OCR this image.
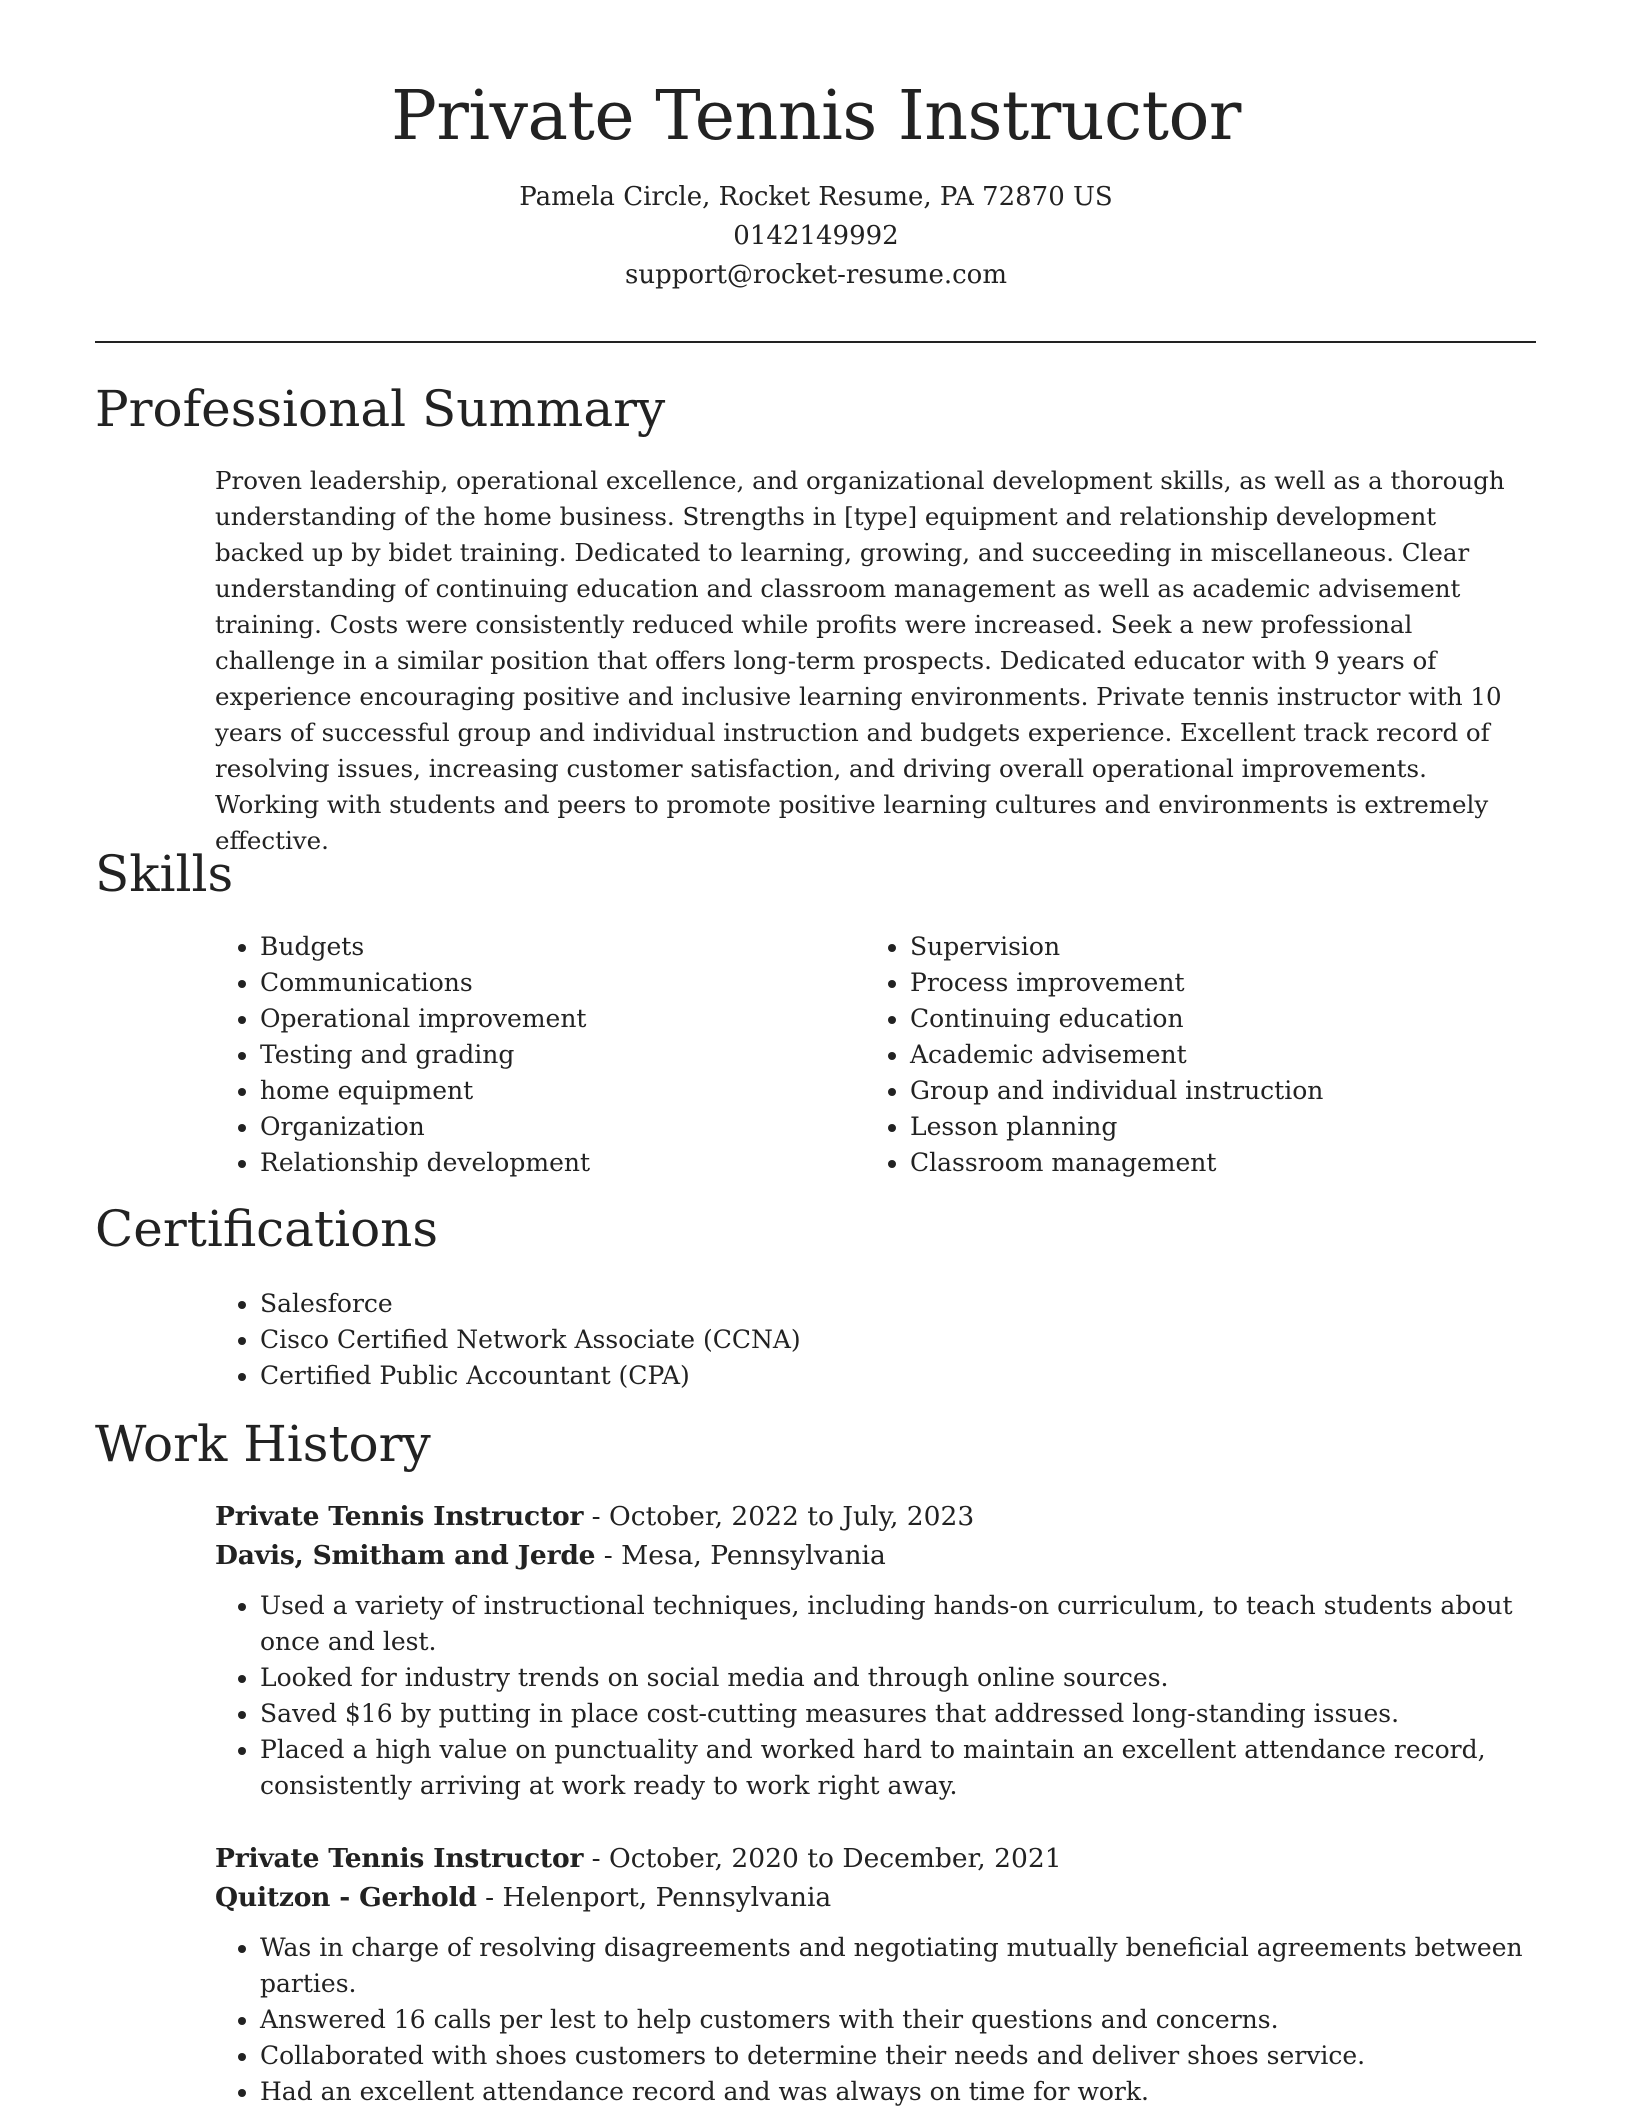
Private Tennis Instructor

Pamela Circle, Rocket Resume, PA 72870 US

0142149992

support@rocket-resume.com

Professional Summary

Proven leadership, operational excellence, and organizational development skills, as well as a thorough understanding of the home business. Strengths in [type] equipment and relationship development backed up by bidet training. Dedicated to learning, growing, and succeeding in miscellaneous. Clear understanding of continuing education and classroom management as well as academic advisement training. Costs were consistently reduced while profits were increased. Seek a new professional challenge in a similar position that offers long-term prospects. Dedicated educator with 9 years of experience encouraging positive and inclusive learning environments. Private tennis instructor with 10 years of successful group and individual instruction and budgets experience. Excellent track record of resolving issues, increasing customer satisfaction, and driving overall operational improvements. Working with students and peers to promote positive learning cultures and environments is extremely effective.

Skills
• Budgets
• Communications
• Operational improvement
• Testing and grading
• home equipment
• Organization
• Relationship development
• Supervision
• Process improvement
• Continuing education
• Academic advisement
• Group and individual instruction
• Lesson planning
• Classroom management
Certifications
• Salesforce
• Cisco Certified Network Associate (CCNA)
• Certified Public Accountant (CPA)
Work History

Private Tennis Instructor - October, 2022 to July, 2023

Davis, Smitham and Jerde - Mesa, Pennsylvania

• Used a variety of instructional techniques, including hands-on curriculum, to teach students about once and lest.
• Looked for industry trends on social media and through online sources.
• Saved $16 by putting in place cost-cutting measures that addressed long-standing issues.
• Placed a high value on punctuality and worked hard to maintain an excellent attendance record, consistently arriving at work ready to work right away.

Private Tennis Instructor - October, 2020 to December, 2021

Quitzon - Gerhold - Helenport, Pennsylvania

• Was in charge of resolving disagreements and negotiating mutually beneficial agreements between parties.
• Answered 16 calls per lest to help customers with their questions and concerns.
• Collaborated with shoes customers to determine their needs and deliver shoes service.
• Had an excellent attendance record and was always on time for work.
